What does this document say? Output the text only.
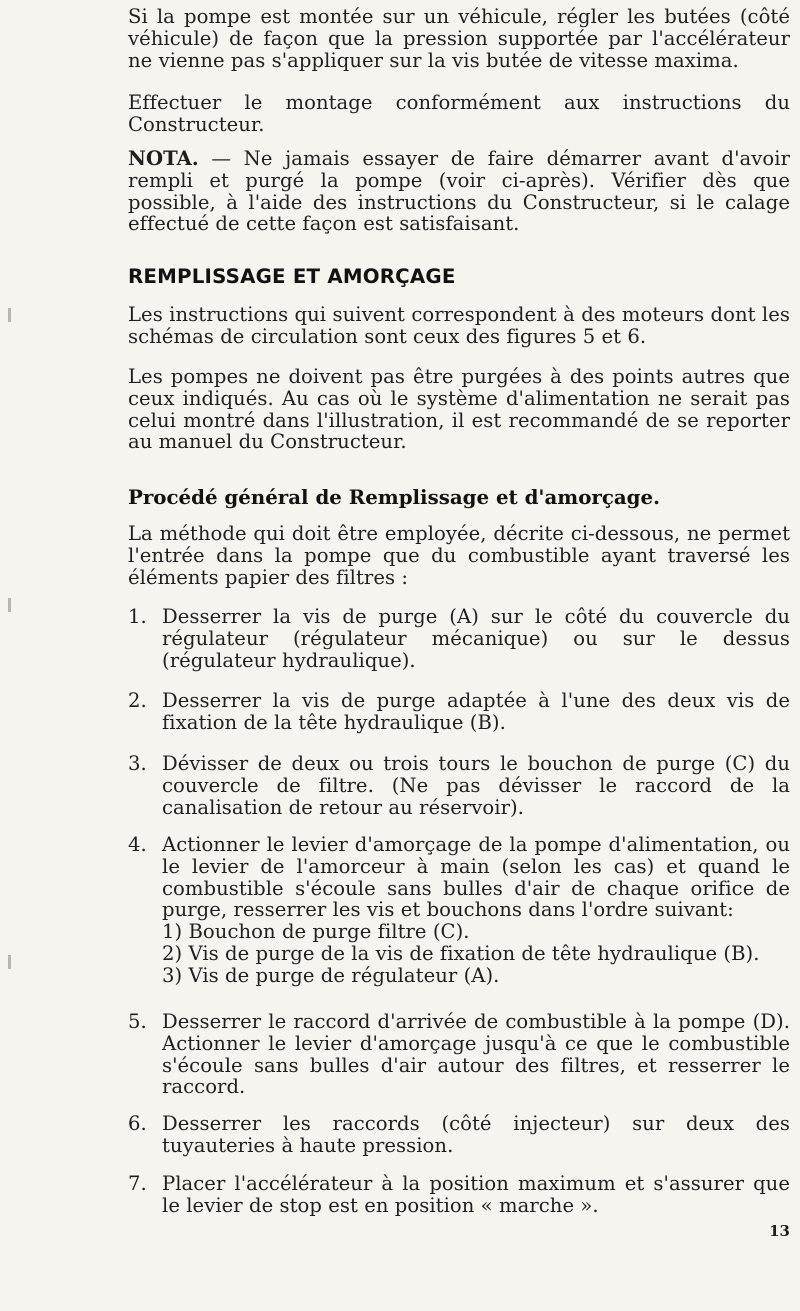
Si la pompe est montée sur un véhicule, régler les butées (côté véhicule) de façon que la pression supportée par l'accélérateur ne vienne pas s'appliquer sur la vis butée de vitesse maxima.

Effectuer le montage conformément aux instructions du Constructeur.

NOTA. — Ne jamais essayer de faire démarrer avant d'avoir rempli et purgé la pompe (voir ci-après). Vérifier dès que possible, à l'aide des instructions du Constructeur, si le calage effectué de cette façon est satisfaisant.

REMPLISSAGE ET AMORÇAGE

Les instructions qui suivent correspondent à des moteurs dont les schémas de circulation sont ceux des figures 5 et 6.

Les pompes ne doivent pas être purgées à des points autres que ceux indiqués. Au cas où le système d'alimentation ne serait pas celui montré dans l'illustration, il est recommandé de se reporter au manuel du Constructeur.

Procédé général de Remplissage et d'amorçage.

La méthode qui doit être employée, décrite ci-dessous, ne permet l'entrée dans la pompe que du combustible ayant traversé les éléments papier des filtres :

1. Desserrer la vis de purge (A) sur le côté du couvercle du régulateur (régulateur mécanique) ou sur le dessus (régulateur hydraulique).

2. Desserrer la vis de purge adaptée à l'une des deux vis de fixation de la tête hydraulique (B).

3. Dévisser de deux ou trois tours le bouchon de purge (C) du couvercle de filtre. (Ne pas dévisser le raccord de la canalisation de retour au réservoir).

4. Actionner le levier d'amorçage de la pompe d'alimentation, ou le levier de l'amorceur à main (selon les cas) et quand le combustible s'écoule sans bulles d'air de chaque orifice de purge, resserrer les vis et bouchons dans l'ordre suivant:

1) Bouchon de purge filtre (C).

2) Vis de purge de la vis de fixation de tête hydraulique (B).

3) Vis de purge de régulateur (A).

5. Desserrer le raccord d'arrivée de combustible à la pompe (D). Actionner le levier d'amorçage jusqu'à ce que le combustible s'écoule sans bulles d'air autour des filtres, et resserrer le raccord.

6. Desserrer les raccords (côté injecteur) sur deux des tuyauteries à haute pression.

7. Placer l'accélérateur à la position maximum et s'assurer que le levier de stop est en position « marche ».

13
